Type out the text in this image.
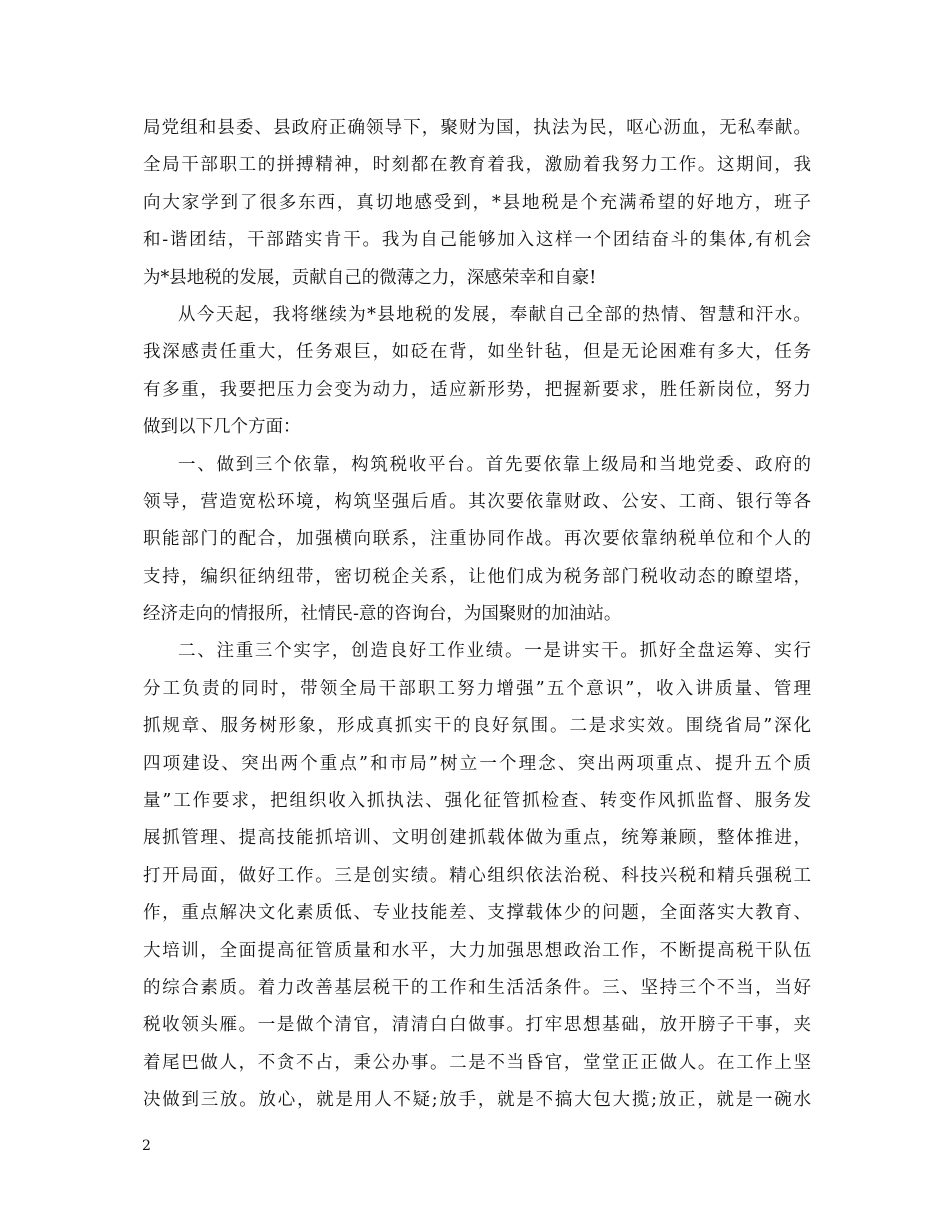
局党组和县委、县政府正确领导下，聚财为国，执法为民，呕心沥血，无私奉献。
全局干部职工的拼搏精神，时刻都在教育着我，激励着我努力工作。这期间，我
向大家学到了很多东西，真切地感受到，*县地税是个充满希望的好地方，班子
和-谐团结，干部踏实肯干。我为自己能够加入这样一个团结奋斗的集体,有机会
为*县地税的发展，贡献自己的微薄之力，深感荣幸和自豪!
从今天起，我将继续为*县地税的发展，奉献自己全部的热情、智慧和汗水。
我深感责任重大，任务艰巨，如砭在背，如坐针毡，但是无论困难有多大，任务
有多重，我要把压力会变为动力，适应新形势，把握新要求，胜任新岗位，努力
做到以下几个方面：
一、做到三个依靠，构筑税收平台。首先要依靠上级局和当地党委、政府的
领导，营造宽松环境，构筑坚强后盾。其次要依靠财政、公安、工商、银行等各
职能部门的配合，加强横向联系，注重协同作战。再次要依靠纳税单位和个人的
支持，编织征纳纽带，密切税企关系，让他们成为税务部门税收动态的瞭望塔，
经济走向的情报所，社情民-意的咨询台，为国聚财的加油站。
二、注重三个实字，创造良好工作业绩。一是讲实干。抓好全盘运筹、实行
分工负责的同时，带领全局干部职工努力增强”五个意识”，收入讲质量、管理
抓规章、服务树形象，形成真抓实干的良好氛围。二是求实效。围绕省局”深化
四项建设、突出两个重点”和市局”树立一个理念、突出两项重点、提升五个质
量”工作要求，把组织收入抓执法、强化征管抓检查、转变作风抓监督、服务发
展抓管理、提高技能抓培训、文明创建抓载体做为重点，统筹兼顾，整体推进，
打开局面，做好工作。三是创实绩。精心组织依法治税、科技兴税和精兵强税工
作，重点解决文化素质低、专业技能差、支撑载体少的问题，全面落实大教育、
大培训，全面提高征管质量和水平，大力加强思想政治工作，不断提高税干队伍
的综合素质。着力改善基层税干的工作和生活活条件。三、坚持三个不当，当好
税收领头雁。一是做个清官，清清白白做事。打牢思想基础，放开膀子干事，夹
着尾巴做人，不贪不占，秉公办事。二是不当昏官，堂堂正正做人。在工作上坚
决做到三放。放心，就是用人不疑;放手，就是不搞大包大揽;放正，就是一碗水
2
